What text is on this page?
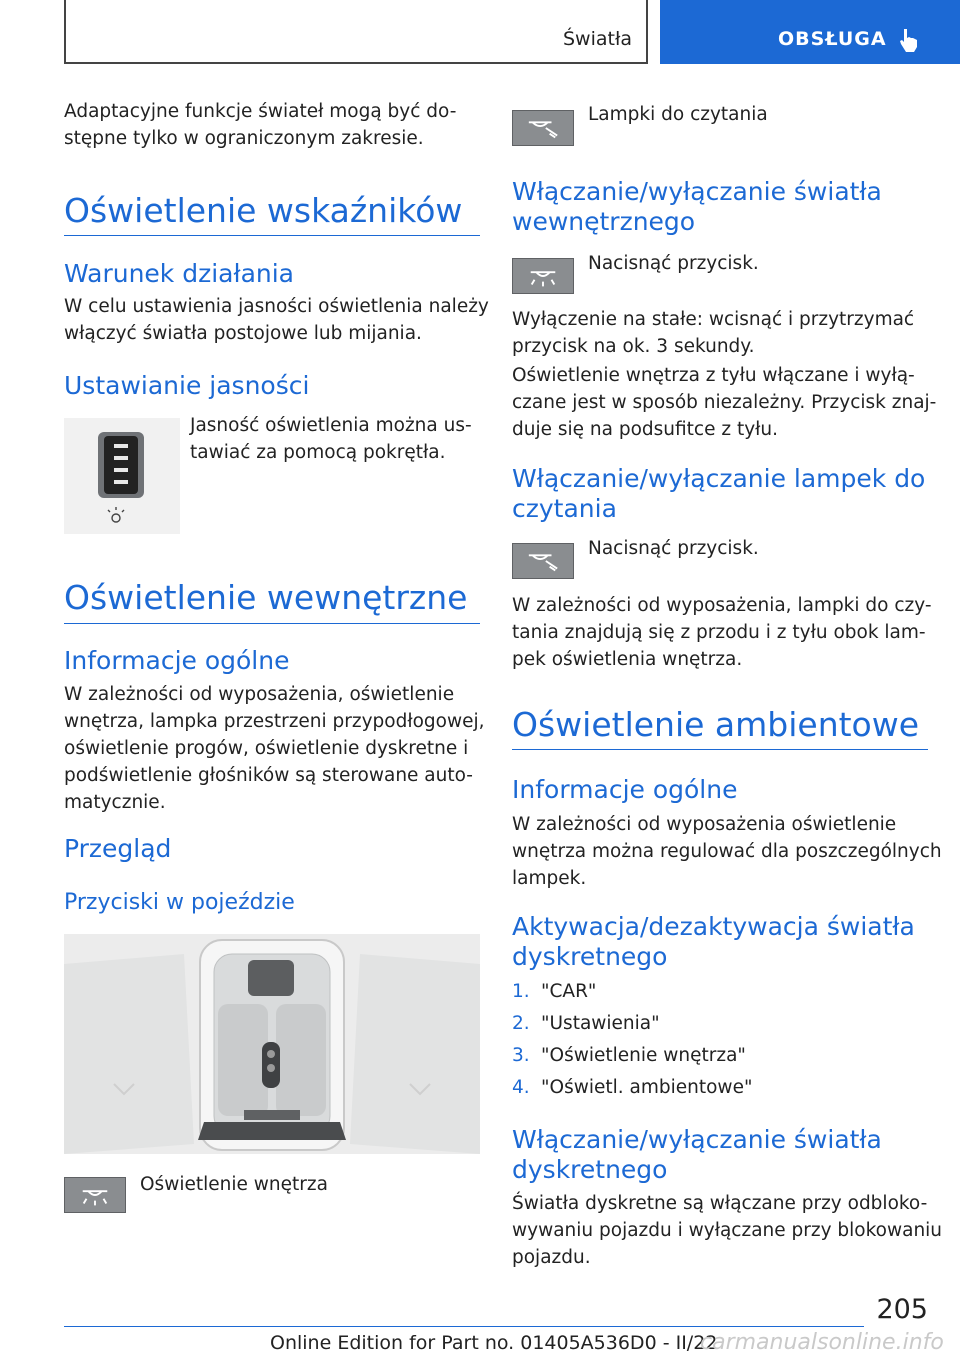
Światła	OBSŁUGA
Adaptacyjne funkcje świateł mogą być do-
stępne tylko w ograniczonym zakresie.
Oświetlenie wskaźników
Warunek działania
W celu ustawienia jasności oświetlenia należy
włączyć światła postojowe lub mijania.
Ustawianie jasności
Jasność oświetlenia można us-
tawiać za pomocą pokrętła.
Oświetlenie wewnętrzne
Informacje ogólne
W zależności od wyposażenia, oświetlenie
wnętrza, lampka przestrzeni przypodłogowej,
oświetlenie progów, oświetlenie dyskretne i
podświetlenie głośników są sterowane auto-
matycznie.
Przegląd
Przyciski w pojeździe
Oświetlenie wnętrza
Lampki do czytania
Włączanie/wyłączanie światła
wewnętrznego
Nacisnąć przycisk.
Wyłączenie na stałe: wcisnąć i przytrzymać
przycisk na ok. 3 sekundy.
Oświetlenie wnętrza z tyłu włączane i wyłą-
czane jest w sposób niezależny. Przycisk znaj-
duje się na podsufitce z tyłu.
Włączanie/wyłączanie lampek do
czytania
Nacisnąć przycisk.
W zależności od wyposażenia, lampki do czy-
tania znajdują się z przodu i z tyłu obok lam-
pek oświetlenia wnętrza.
Oświetlenie ambientowe
Informacje ogólne
W zależności od wyposażenia oświetlenie
wnętrza można regulować dla poszczególnych
lampek.
Aktywacja/dezaktywacja światła
dyskretnego
1. "CAR"
2. "Ustawienia"
3. "Oświetlenie wnętrza"
4. "Oświetl. ambientowe"
Włączanie/wyłączanie światła
dyskretnego
Światła dyskretne są włączane przy odbloko-
wywaniu pojazdu i wyłączane przy blokowaniu
pojazdu.
205
Online Edition for Part no. 01405A536D0 - II/22
carmanualsonline.info
